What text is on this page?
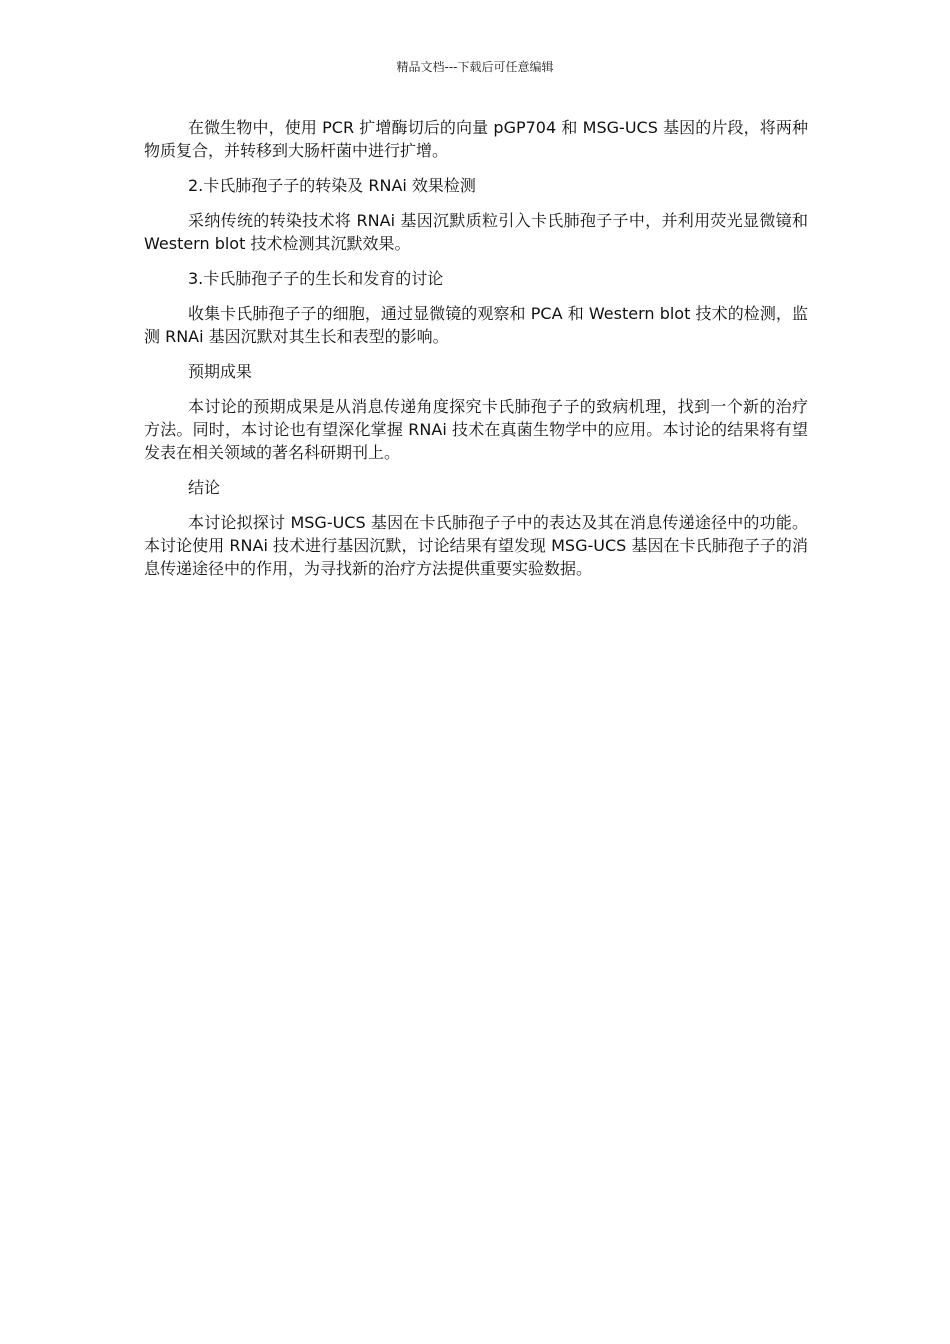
精品文档---下载后可任意编辑

在微生物中，使用 PCR 扩增酶切后的向量 pGP704 和 MSG-UCS 基因的片段，将两种物质复合，并转移到大肠杆菌中进行扩增。

2.卡氏肺孢子子的转染及 RNAi 效果检测

采纳传统的转染技术将 RNAi 基因沉默质粒引入卡氏肺孢子子中，并利用荧光显微镜和 Western blot 技术检测其沉默效果。

3.卡氏肺孢子子的生长和发育的讨论

收集卡氏肺孢子子的细胞，通过显微镜的观察和 PCA 和 Western blot 技术的检测，监测 RNAi 基因沉默对其生长和表型的影响。

预期成果

本讨论的预期成果是从消息传递角度探究卡氏肺孢子子的致病机理，找到一个新的治疗方法。同时，本讨论也有望深化掌握 RNAi 技术在真菌生物学中的应用。本讨论的结果将有望发表在相关领域的著名科研期刊上。

结论

本讨论拟探讨 MSG-UCS 基因在卡氏肺孢子子中的表达及其在消息传递途径中的功能。本讨论使用 RNAi 技术进行基因沉默，讨论结果有望发现 MSG-UCS 基因在卡氏肺孢子子的消息传递途径中的作用，为寻找新的治疗方法提供重要实验数据。
